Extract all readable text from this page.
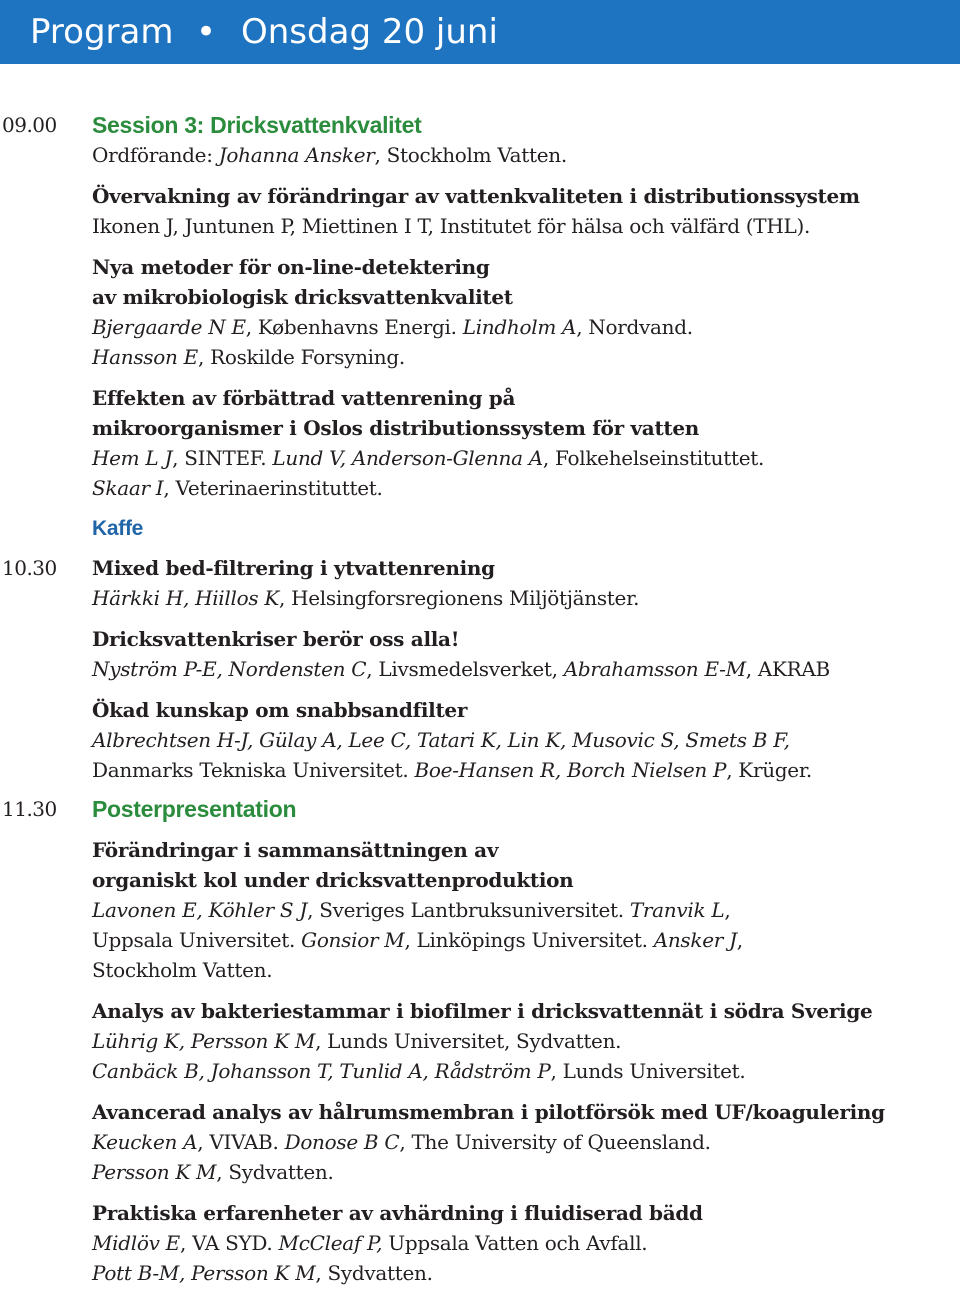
Program • Onsdag 20 juni
09.00 Session 3: Dricksvattenkvalitet
Ordförande: Johanna Ansker, Stockholm Vatten.
Övervakning av förändringar av vattenkvaliteten i distributionssystem
Ikonen J, Juntunen P, Miettinen I T, Institutet för hälsa och välfärd (THL).
Nya metoder för on-line-detektering
av mikrobiologisk dricksvattenkvalitet
Bjergaarde N E, Københavns Energi. Lindholm A, Nordvand.
Hansson E, Roskilde Forsyning.
Effekten av förbättrad vattenrening på
mikroorganismer i Oslos distributionssystem för vatten
Hem L J, SINTEF. Lund V, Anderson-Glenna A, Folkehelseinstituttet.
Skaar I, Veterinaerinstituttet.
Kaffe
10.30 Mixed bed-filtrering i ytvattenrening
Härkki H, Hiillos K, Helsingforsregionens Miljötjänster.
Dricksvattenkriser berör oss alla!
Nyström P-E, Nordensten C, Livsmedelsverket, Abrahamsson E-M, AKRAB
Ökad kunskap om snabbsandfilter
Albrechtsen H-J, Gülay A, Lee C, Tatari K, Lin K, Musovic S, Smets B F,
Danmarks Tekniska Universitet. Boe-Hansen R, Borch Nielsen P, Krüger.
11.30 Posterpresentation
Förändringar i sammansättningen av
organiskt kol under dricksvattenproduktion
Lavonen E, Köhler S J, Sveriges Lantbruksuniversitet. Tranvik L,
Uppsala Universitet. Gonsior M, Linköpings Universitet. Ansker J,
Stockholm Vatten.
Analys av bakteriestammar i biofilmer i dricksvattennät i södra Sverige
Lührig K, Persson K M, Lunds Universitet, Sydvatten.
Canbäck B, Johansson T, Tunlid A, Rådström P, Lunds Universitet.
Avancerad analys av hålrumsmembran i pilotförsök med UF/koagulering
Keucken A, VIVAB. Donose B C, The University of Queensland.
Persson K M, Sydvatten.
Praktiska erfarenheter av avhärdning i fluidiserad bädd
Midlöv E, VA SYD. McCleaf P, Uppsala Vatten och Avfall.
Pott B-M, Persson K M, Sydvatten.
